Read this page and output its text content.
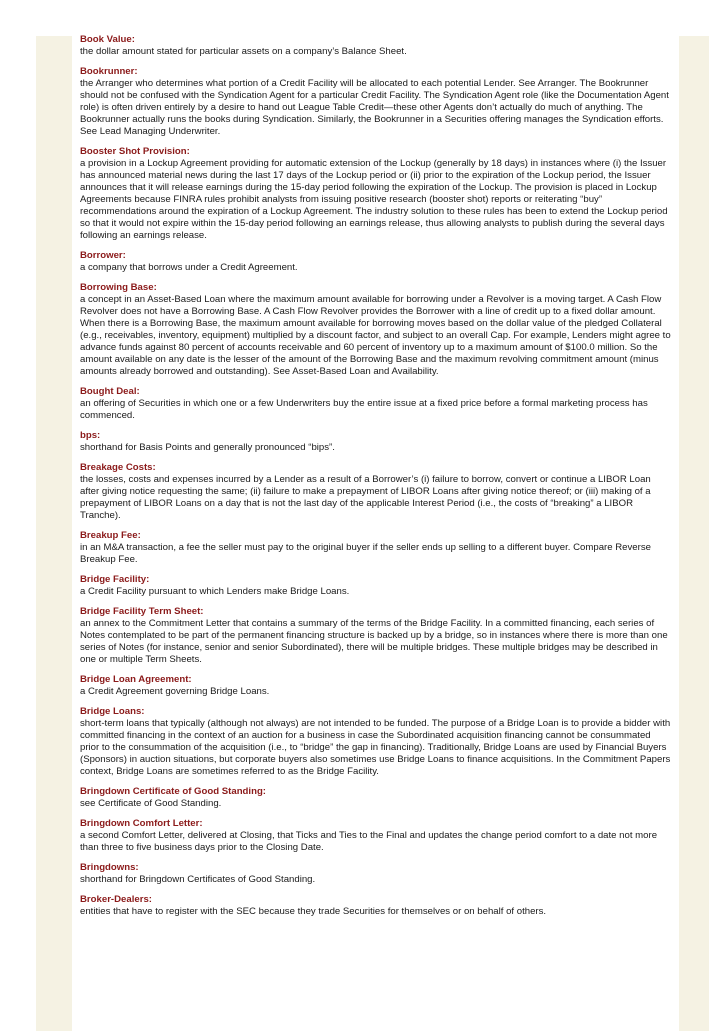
Book Value:
the dollar amount stated for particular assets on a company’s Balance Sheet.
Bookrunner:
the Arranger who determines what portion of a Credit Facility will be allocated to each potential Lender. See Arranger. The Bookrunner should not be confused with the Syndication Agent for a particular Credit Facility. The Syndication Agent role (like the Documentation Agent role) is often driven entirely by a desire to hand out League Table Credit—these other Agents don’t actually do much of anything. The Bookrunner actually runs the books during Syndication. Similarly, the Bookrunner in a Securities offering manages the Syndication efforts. See Lead Managing Underwriter.
Booster Shot Provision:
a provision in a Lockup Agreement providing for automatic extension of the Lockup (generally by 18 days) in instances where (i) the Issuer has announced material news during the last 17 days of the Lockup period or (ii) prior to the expiration of the Lockup period, the Issuer announces that it will release earnings during the 15-day period following the expiration of the Lockup. The provision is placed in Lockup Agreements because FINRA rules prohibit analysts from issuing positive research (booster shot) reports or reiterating “buy” recommendations around the expiration of a Lockup Agreement. The industry solution to these rules has been to extend the Lockup period so that it would not expire within the 15-day period following an earnings release, thus allowing analysts to publish during the several days following an earnings release.
Borrower:
a company that borrows under a Credit Agreement.
Borrowing Base:
a concept in an Asset-Based Loan where the maximum amount available for borrowing under a Revolver is a moving target. A Cash Flow Revolver does not have a Borrowing Base. A Cash Flow Revolver provides the Borrower with a line of credit up to a fixed dollar amount. When there is a Borrowing Base, the maximum amount available for borrowing moves based on the dollar value of the pledged Collateral (e.g., receivables, inventory, equipment) multiplied by a discount factor, and subject to an overall Cap. For example, Lenders might agree to advance funds against 80 percent of accounts receivable and 60 percent of inventory up to a maximum amount of $100.0 million. So the amount available on any date is the lesser of the amount of the Borrowing Base and the maximum revolving commitment amount (minus amounts already borrowed and outstanding). See Asset-Based Loan and Availability.
Bought Deal:
an offering of Securities in which one or a few Underwriters buy the entire issue at a fixed price before a formal marketing process has commenced.
bps:
shorthand for Basis Points and generally pronounced “bips”.
Breakage Costs:
the losses, costs and expenses incurred by a Lender as a result of a Borrower’s (i) failure to borrow, convert or continue a LIBOR Loan after giving notice requesting the same; (ii) failure to make a prepayment of LIBOR Loans after giving notice thereof; or (iii) making of a prepayment of LIBOR Loans on a day that is not the last day of the applicable Interest Period (i.e., the costs of “breaking” a LIBOR Tranche).
Breakup Fee:
in an M&A transaction, a fee the seller must pay to the original buyer if the seller ends up selling to a different buyer. Compare Reverse Breakup Fee.
Bridge Facility:
a Credit Facility pursuant to which Lenders make Bridge Loans.
Bridge Facility Term Sheet:
an annex to the Commitment Letter that contains a summary of the terms of the Bridge Facility. In a committed financing, each series of Notes contemplated to be part of the permanent financing structure is backed up by a bridge, so in instances where there is more than one series of Notes (for instance, senior and senior Subordinated), there will be multiple bridges. These multiple bridges may be described in one or multiple Term Sheets.
Bridge Loan Agreement:
a Credit Agreement governing Bridge Loans.
Bridge Loans:
short-term loans that typically (although not always) are not intended to be funded. The purpose of a Bridge Loan is to provide a bidder with committed financing in the context of an auction for a business in case the Subordinated acquisition financing cannot be consummated prior to the consummation of the acquisition (i.e., to “bridge” the gap in financing). Traditionally, Bridge Loans are used by Financial Buyers (Sponsors) in auction situations, but corporate buyers also sometimes use Bridge Loans to finance acquisitions. In the Commitment Papers context, Bridge Loans are sometimes referred to as the Bridge Facility.
Bringdown Certificate of Good Standing:
see Certificate of Good Standing.
Bringdown Comfort Letter:
a second Comfort Letter, delivered at Closing, that Ticks and Ties to the Final and updates the change period comfort to a date not more than three to five business days prior to the Closing Date.
Bringdowns:
shorthand for Bringdown Certificates of Good Standing.
Broker-Dealers:
entities that have to register with the SEC because they trade Securities for themselves or on behalf of others.
